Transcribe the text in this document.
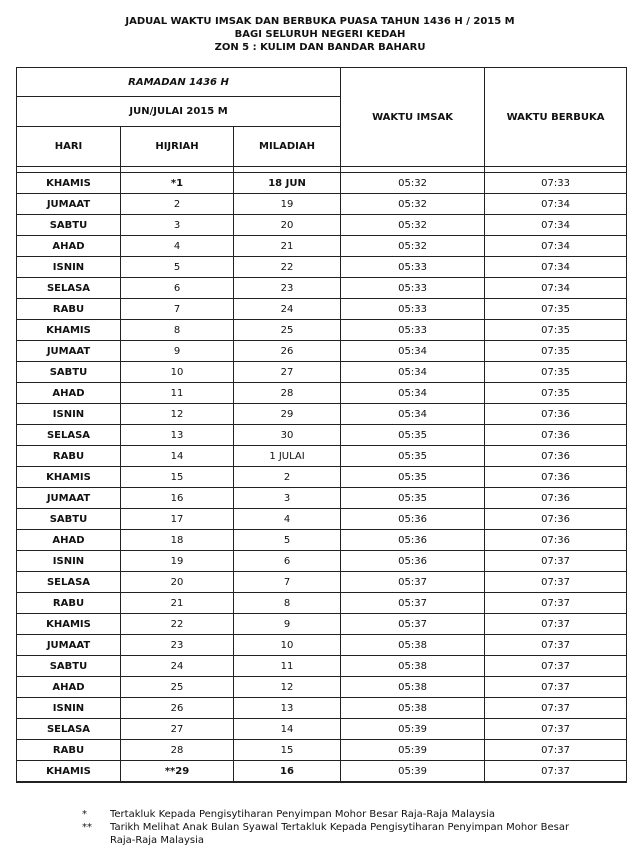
JADUAL WAKTU IMSAK DAN BERBUKA PUASA TAHUN 1436 H / 2015 M
BAGI SELURUH NEGERI KEDAH
ZON 5 : KULIM DAN BANDAR BAHARU
RAMADAN 1436 H			WAKTU IMSAK	WAKTU BERBUKA
JUN/JULAI 2015 M				
HARI	HIJRIAH	MILADIAH		

KHAMIS	*1	18 JUN	05:32	07:33
JUMAAT	2	19	05:32	07:34
SABTU	3	20	05:32	07:34
AHAD	4	21	05:32	07:34
ISNIN	5	22	05:33	07:34
SELASA	6	23	05:33	07:34
RABU	7	24	05:33	07:35
KHAMIS	8	25	05:33	07:35
JUMAAT	9	26	05:34	07:35
SABTU	10	27	05:34	07:35
AHAD	11	28	05:34	07:35
ISNIN	12	29	05:34	07:36
SELASA	13	30	05:35	07:36
RABU	14	1 JULAI	05:35	07:36
KHAMIS	15	2	05:35	07:36
JUMAAT	16	3	05:35	07:36
SABTU	17	4	05:36	07:36
AHAD	18	5	05:36	07:36
ISNIN	19	6	05:36	07:37
SELASA	20	7	05:37	07:37
RABU	21	8	05:37	07:37
KHAMIS	22	9	05:37	07:37
JUMAAT	23	10	05:38	07:37
SABTU	24	11	05:38	07:37
AHAD	25	12	05:38	07:37
ISNIN	26	13	05:38	07:37
SELASA	27	14	05:39	07:37
RABU	28	15	05:39	07:37
KHAMIS	**29	16	05:39	07:37
*	Tertakluk Kepada Pengisytiharan Penyimpan Mohor Besar Raja-Raja Malaysia
**	Tarikh Melihat Anak Bulan Syawal Tertakluk Kepada Pengisytiharan Penyimpan Mohor Besar Raja-Raja Malaysia
